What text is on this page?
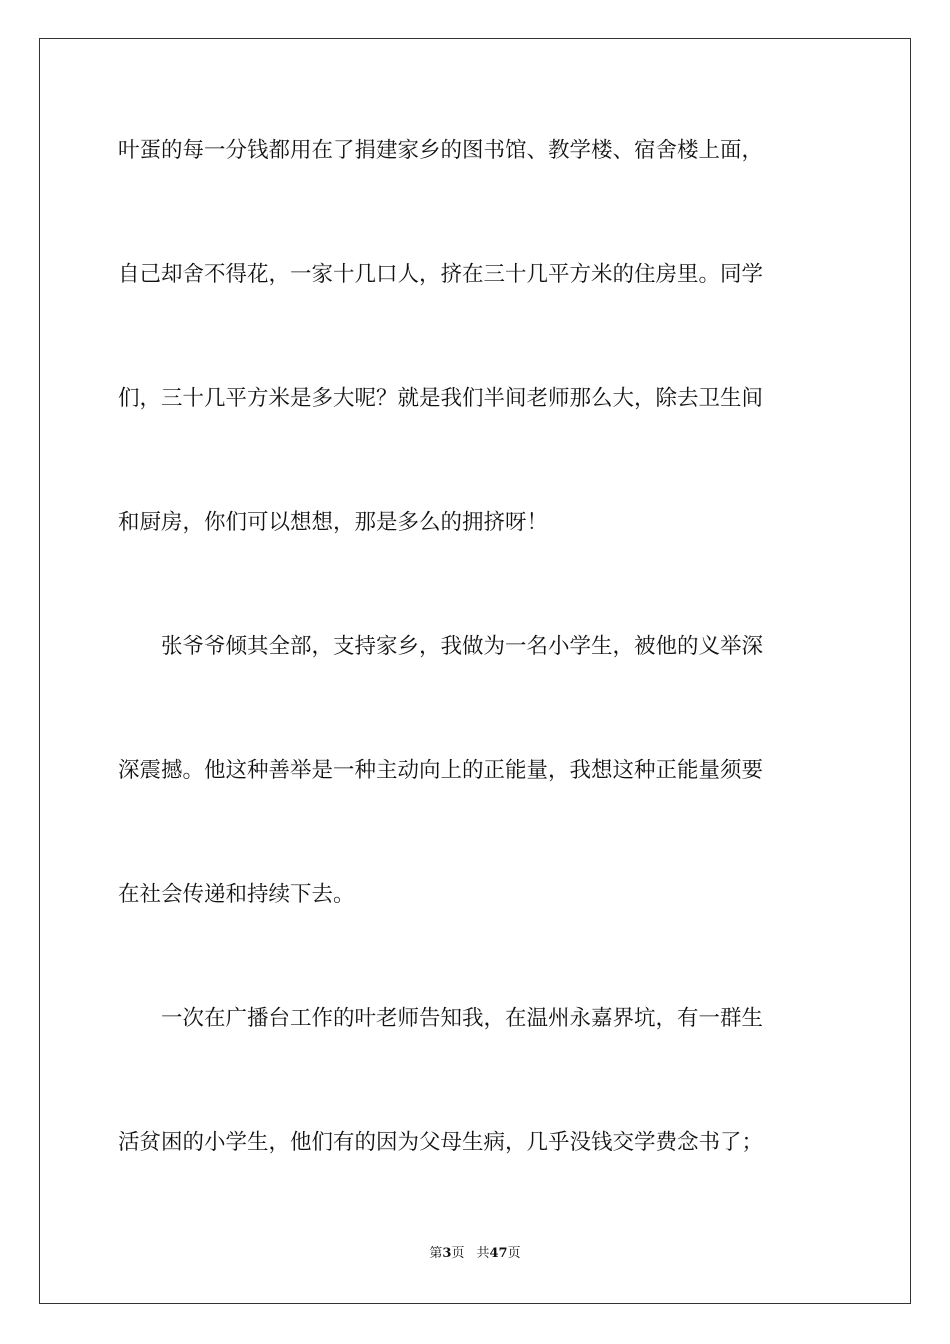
叶蛋的每一分钱都用在了捐建家乡的图书馆、教学楼、宿舍楼上面，

自己却舍不得花，一家十几口人，挤在三十几平方米的住房里。同学

们，三十几平方米是多大呢？就是我们半间老师那么大，除去卫生间

和厨房，你们可以想想，那是多么的拥挤呀！

　　张爷爷倾其全部，支持家乡，我做为一名小学生，被他的义举深

深震撼。他这种善举是一种主动向上的正能量，我想这种正能量须要

在社会传递和持续下去。

　　一次在广播台工作的叶老师告知我，在温州永嘉界坑，有一群生

活贫困的小学生，他们有的因为父母生病，几乎没钱交学费念书了；

第3页 共47页
